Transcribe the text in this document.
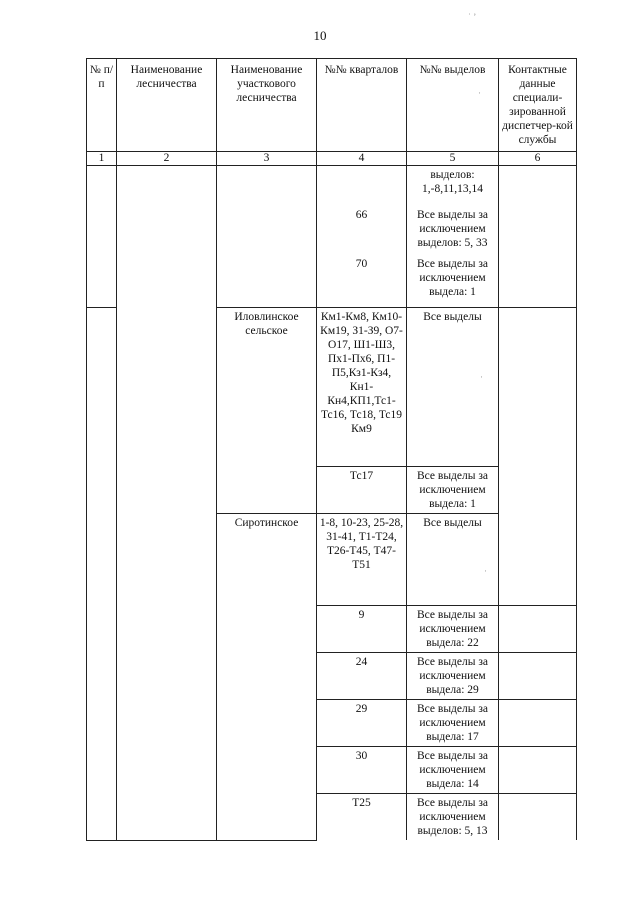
10
˙ ʼ
·
·
·
№ п/п	Наименование лесничества	Наименование участкового лесничества	№№ кварталов	№№ выделов	Контактные данные специали-зированной диспетчер-кой службы
1	2	3	4	5	6
				выделов: 1,-8,11,13,14	
			66	Все выделы за исключением выделов: 5, 33	
			70	Все выделы за исключением выдела: 1	
		Иловлинское сельское	Км1-Км8, Км10-Км19, З1-З9, О7-О17, Ш1-Ш3, Пх1-Пх6, П1-П5,Кз1-Кз4, Кн1-Кн4,КП1,Тс1-Тс16, Тс18, Тс19 Км9	Все выделы	
			Тс17	Все выделы за исключением выдела: 1	
		Сиротинское	1-8, 10-23, 25-28, 31-41, Т1-Т24, Т26-Т45, Т47-Т51	Все выделы	
			9	Все выделы за исключением выдела: 22	
			24	Все выделы за исключением выдела: 29	
			29	Все выделы за исключением выдела: 17	
			30	Все выделы за исключением выдела: 14	
			Т25	Все выделы за исключением выделов: 5, 13	
